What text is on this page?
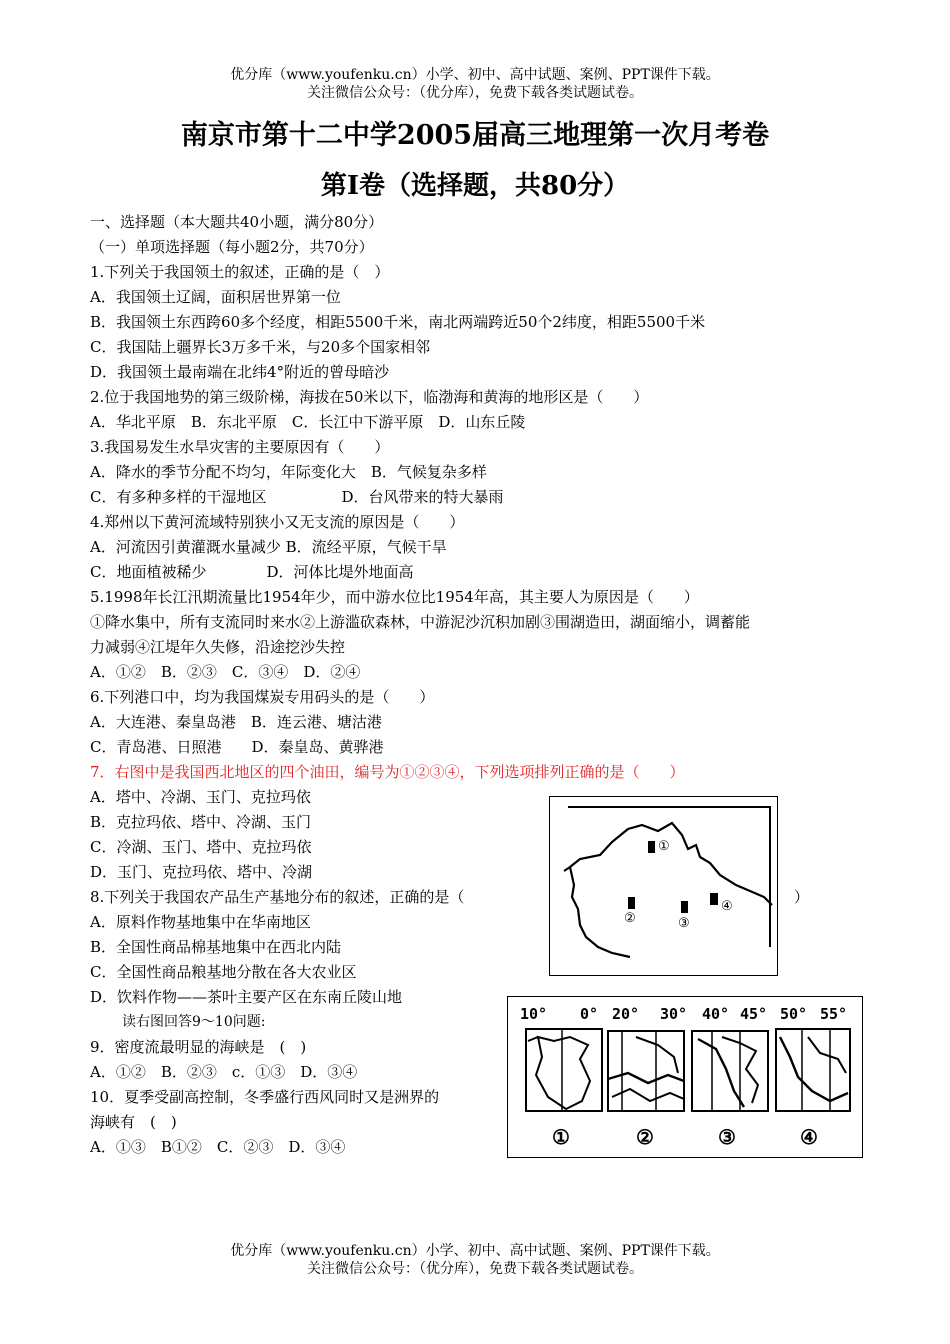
优分库（www.youfenku.cn）小学、初中、高中试题、案例、PPT课件下载。
关注微信公众号：（优分库），免费下载各类试题试卷。
南京市第十二中学2005届高三地理第一次月考卷
第Ⅰ卷（选择题，共80分）
一、选择题（本大题共40小题，满分80分）
（一）单项选择题（每小题2分，共70分）
1.下列关于我国领土的叙述，正确的是（　）
A．我国领土辽阔，面积居世界第一位
B．我国领土东西跨60多个经度，相距5500千米，南北两端跨近50个2纬度，相距5500千米
C．我国陆上疆界长3万多千米，与20多个国家相邻
D．我国领土最南端在北纬4°附近的曾母暗沙
2.位于我国地势的第三级阶梯，海拔在50米以下，临渤海和黄海的地形区是（　　）
A．华北平原　B．东北平原　C．长江中下游平原　D．山东丘陵
3.我国易发生水旱灾害的主要原因有（　　）
A．降水的季节分配不均匀，年际变化大　B．气候复杂多样
C．有多种多样的干湿地区　　　　　D．台风带来的特大暴雨
4.郑州以下黄河流域特别狭小又无支流的原因是（　　）
A．河流因引黄灌溉水量减少 B．流经平原，气候干旱
C．地面植被稀少　　　　D．河体比堤外地面高
5.1998年长江汛期流量比1954年少，而中游水位比1954年高，其主要人为原因是（　　）
①降水集中，所有支流同时来水②上游滥砍森林，中游泥沙沉积加剧③围湖造田，湖面缩小，调蓄能
力减弱④江堤年久失修，沿途挖沙失控
A．①②　B．②③　C．③④　D．②④
6.下列港口中，均为我国煤炭专用码头的是（　　）
A．大连港、秦皇岛港　B．连云港、塘沽港
C．青岛港、日照港　　D．秦皇岛、黄骅港
7．右图中是我国西北地区的四个油田，编号为①②③④，下列选项排列正确的是（　　）
A．塔中、冷湖、玉门、克拉玛依
B．克拉玛依、塔中、冷湖、玉门
C．冷湖、玉门、塔中、克拉玛依
D．玉门、克拉玛依、塔中、冷湖
8.下列关于我国农产品生产基地分布的叙述，正确的是（	）
A．原料作物基地集中在华南地区
B．全国性商品棉基地集中在西北内陆
C．全国性商品粮基地分散在各大农业区
D．饮料作物——茶叶主要产区在东南丘陵山地
读右图回答9～10问题:
9．密度流最明显的海峡是　(　)
A．①②　B．②③　c．①③　D．③④
10．夏季受副高控制，冬季盛行西风同时又是洲界的
海峡有　(　)
A．①③　B①②　C．②③　D．③④
①
②	③
④
10° 0° 20° 30° 40° 45° 50° 55°
①	②	③	④
优分库（www.youfenku.cn）小学、初中、高中试题、案例、PPT课件下载。
关注微信公众号：（优分库），免费下载各类试题试卷。
